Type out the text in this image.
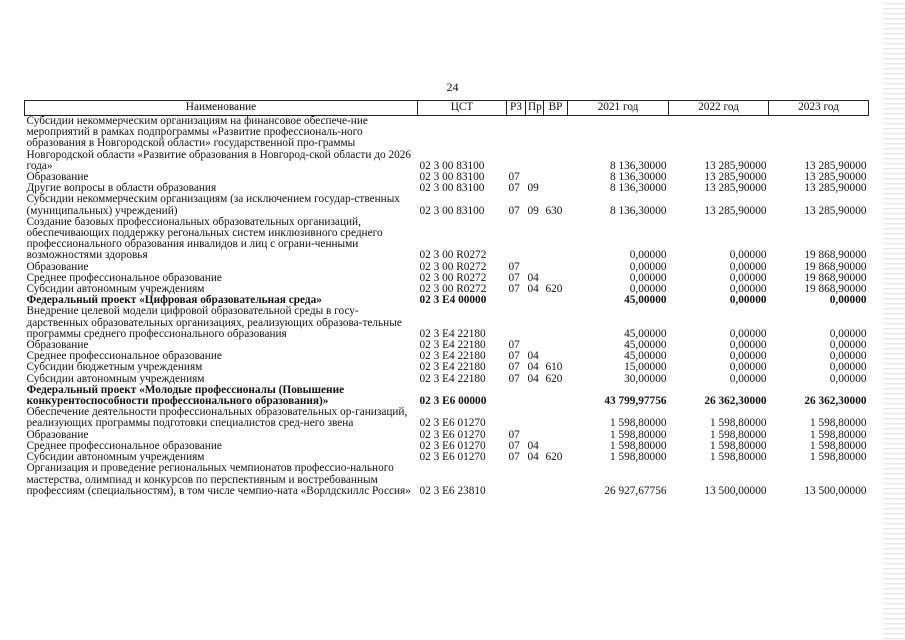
24
Наименование	ЦСТ	РЗ	Пр	ВР	2021 год	2022 год	2023 год
Субсидии некоммерческим организациям на финансовое обеспече-ние мероприятий в рамках подпрограммы «Развитие профессиональ-ного образования в Новгородской области» государственной про-граммы Новгородской области «Развитие образования в Новгород-ской области до 2026 года»	02 3 00 83100				8 136,30000	13 285,90000	13 285,90000
Образование	02 3 00 83100	07			8 136,30000	13 285,90000	13 285,90000
Другие вопросы в области образования	02 3 00 83100	07	09		8 136,30000	13 285,90000	13 285,90000
Субсидии некоммерческим организациям (за исключением государ-ственных (муниципальных) учреждений)	02 3 00 83100	07	09	630	8 136,30000	13 285,90000	13 285,90000
Создание базовых профессиональных образовательных организаций, обеспечивающих поддержку регональных систем инклюзивного среднего профессионального образования инвалидов и лиц с ограни-ченными возможностями здоровья	02 3 00 R0272				0,00000	0,00000	19 868,90000
Образование	02 3 00 R0272	07			0,00000	0,00000	19 868,90000
Среднее профессиональное образование	02 3 00 R0272	07	04		0,00000	0,00000	19 868,90000
Субсидии автономным учреждениям	02 3 00 R0272	07	04	620	0,00000	0,00000	19 868,90000
Федеральный проект «Цифровая образовательная среда»	02 3 E4 00000				45,00000	0,00000	0,00000
Внедрение целевой модели цифровой образовательной среды в госу-дарственных образовательных организациях, реализующих образова-тельные программы среднего профессионального образования	02 3 E4 22180				45,00000	0,00000	0,00000
Образование	02 3 E4 22180	07			45,00000	0,00000	0,00000
Среднее профессиональное образование	02 3 E4 22180	07	04		45,00000	0,00000	0,00000
Субсидии бюджетным учреждениям	02 3 E4 22180	07	04	610	15,00000	0,00000	0,00000
Субсидии автономным учреждениям	02 3 E4 22180	07	04	620	30,00000	0,00000	0,00000
Федеральный проект «Молодые профессионалы (Повышение конкурентоспособности профессионального образования)»	02 3 E6 00000				43 799,97756	26 362,30000	26 362,30000
Обеспечение деятельности профессиональных образовательных ор-ганизаций, реализующих программы подготовки специалистов сред-него звена	02 3 E6 01270				1 598,80000	1 598,80000	1 598,80000
Образование	02 3 E6 01270	07			1 598,80000	1 598,80000	1 598,80000
Среднее профессиональное образование	02 3 E6 01270	07	04		1 598,80000	1 598,80000	1 598,80000
Субсидии автономным учреждениям	02 3 E6 01270	07	04	620	1 598,80000	1 598,80000	1 598,80000
Организация и проведение региональных чемпионатов профессио-нального мастерства, олимпиад и конкурсов по перспективным и востребованным профессиям (специальностям), в том числе чемпио-ната «Ворлдскиллс Россия»	02 3 E6 23810				26 927,67756	13 500,00000	13 500,00000
